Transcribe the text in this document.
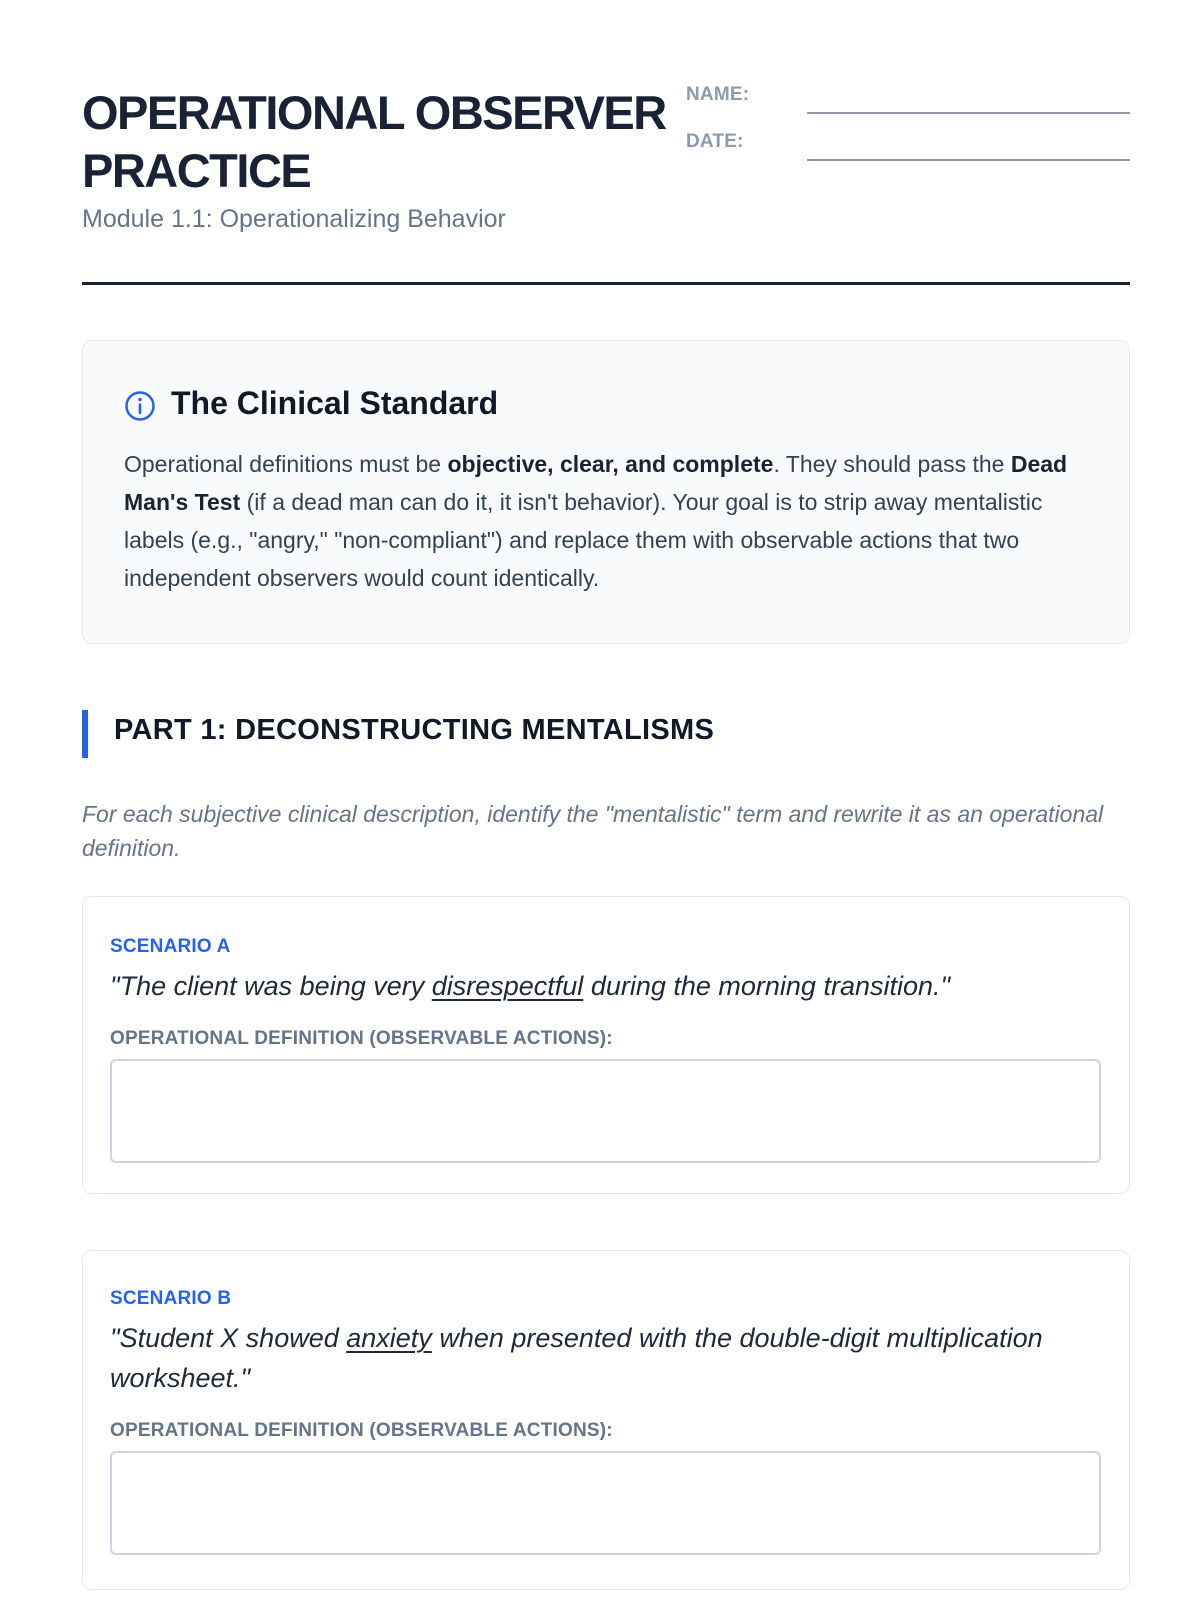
OPERATIONAL OBSERVER PRACTICE

Module 1.1: Operationalizing Behavior

NAME:
DATE:
The Clinical Standard

Operational definitions must be objective, clear, and complete. They should pass the Dead Man's Test (if a dead man can do it, it isn't behavior). Your goal is to strip away mentalistic labels (e.g., "angry," "non-compliant") and replace them with observable actions that two independent observers would count identically.

PART 1: DECONSTRUCTING MENTALISMS

For each subjective clinical description, identify the "mentalistic" term and rewrite it as an operational definition.

SCENARIO A

"The client was being very disrespectful during the morning transition."

OPERATIONAL DEFINITION (OBSERVABLE ACTIONS):
SCENARIO B

"Student X showed anxiety when presented with the double-digit multiplication worksheet."

OPERATIONAL DEFINITION (OBSERVABLE ACTIONS):
